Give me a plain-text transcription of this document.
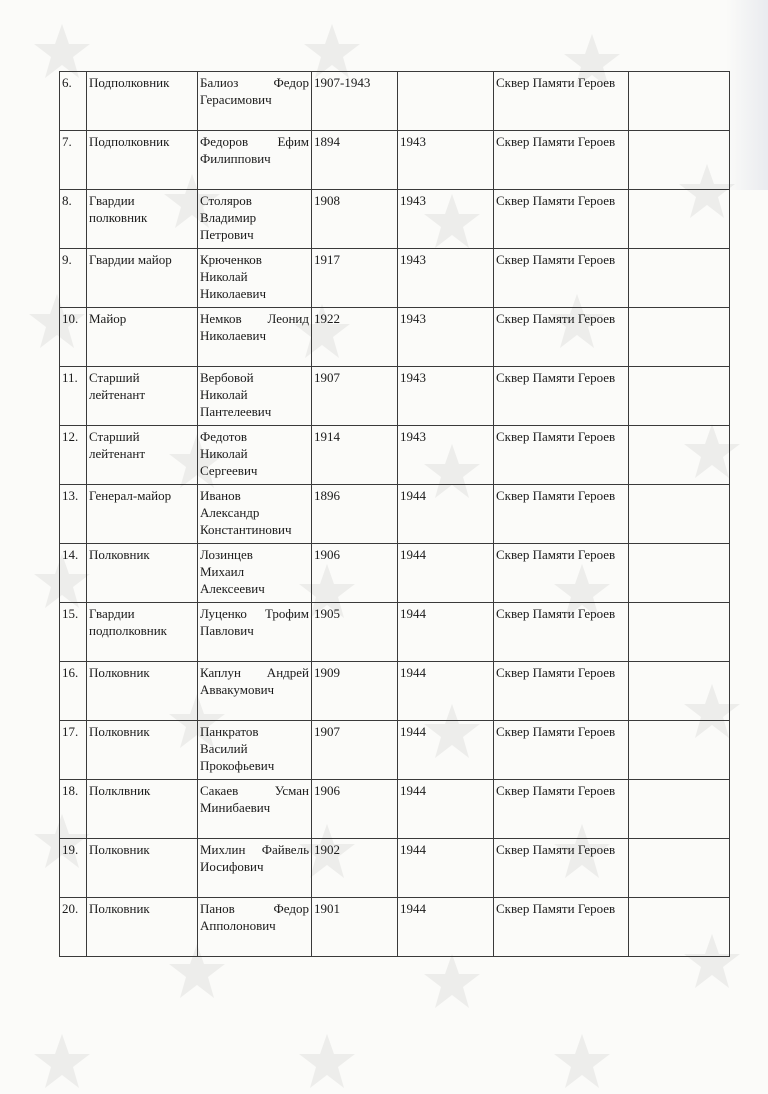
6.	Подполковник	Балиоз Федор
Герасимович	1907-1943		Сквер Памяти Героев	
7.	Подполковник	Федоров Ефим
Филиппович	1894	1943	Сквер Памяти Героев	
8.	Гвардии полковник	Столяров
Владимир
Петрович	1908	1943	Сквер Памяти Героев	
9.	Гвардии майор	Крюченков
Николай
Николаевич	1917	1943	Сквер Памяти Героев	
10.	Майор	Немков Леонид
Николаевич	1922	1943	Сквер Памяти Героев	
11.	Старший лейтенант	Вербовой
Николай
Пантелеевич	1907	1943	Сквер Памяти Героев	
12.	Старший лейтенант	Федотов
Николай
Сергеевич	1914	1943	Сквер Памяти Героев	
13.	Генерал-майор	Иванов
Александр
Константинович	1896	1944	Сквер Памяти Героев	
14.	Полковник	Лозинцев
Михаил
Алексеевич	1906	1944	Сквер Памяти Героев	
15.	Гвардии подполковник	Луценко Трофим
Павлович	1905	1944	Сквер Памяти Героев	
16.	Полковник	Каплун Андрей
Аввакумович	1909	1944	Сквер Памяти Героев	
17.	Полковник	Панкратов
Василий
Прокофьевич	1907	1944	Сквер Памяти Героев	
18.	Полклвник	Сакаев Усман
Минибаевич	1906	1944	Сквер Памяти Героев	
19.	Полковник	Михлин Файвель
Иосифович	1902	1944	Сквер Памяти Героев	
20.	Полковник	Панов Федор
Апполонович	1901	1944	Сквер Памяти Героев	
